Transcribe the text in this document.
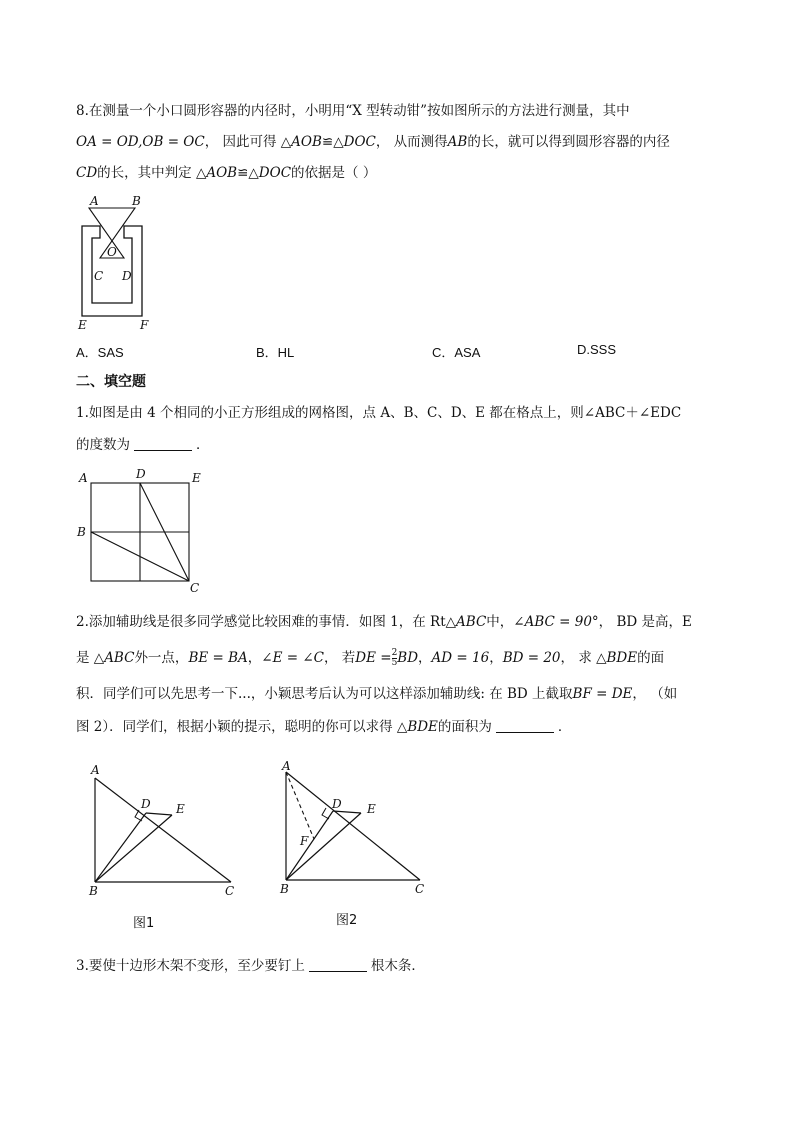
8.在测量一个小口圆形容器的内径时，小明用“X 型转动钳”按如图所示的方法进行测量，其中
OA = OD,OB = OC， 因此可得 △AOB≌△DOC， 从而测得AB的长，就可以得到圆形容器的内径
CD的长，其中判定 △AOB≌△DOC的依据是（ ）
A	B
O
C D
E	F
A．SAS	B．HL	C．ASA	D.SSS
二、填空题
1.如图是由 4 个相同的小正方形组成的网格图，点 A、B、C、D、E 都在格点上，则∠ABC＋∠EDC
的度数为	．
A
B
C
D	E
2.添加辅助线是很多同学感觉比较困难的事情．如图 1，在 Rt△ABC中，∠ABC = 90°， BD 是高，E
是 △ABC外一点，BE = BA，∠E = ∠C， 若DE = $\frac{2}{5}$ BD，AD = 16，BD = 20， 求 △BDE的面
积．同学们可以先思考一下...，小颖思考后认为可以这样添加辅助线: 在 BD 上截取BF = DE， （如
图 2）．同学们，根据小颖的提示，聪明的你可以求得 △BDE的面积为	．
A
B	C
D E
图1
A
B	C
D E
F
图2
3.要使十边形木架不变形，至少要钉上	根木条．
